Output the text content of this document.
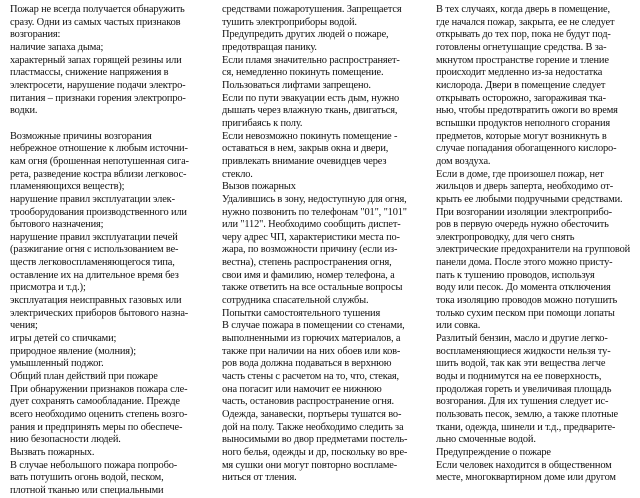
Пожар не всегда получается обнаружить
сразу. Одни из самых частых признаков
возгорания:
наличие запаха дыма;
характерный запах горящей резины или
пластмассы, снижение напряжения в
электросети, нарушение подачи электро-
питания – признаки горения электропро-
водки.

Возможные причины возгорания
небрежное отношение к любым источни-
кам огня (брошенная непотушенная сига-
рета, разведение костра вблизи легковос-
пламеняющихся веществ);
нарушение правил эксплуатации элек-
трооборудования производственного или
бытового назначения;
нарушение правил эксплуатации печей
(разжигание огня с использованием ве-
ществ легковоспламеняющегося типа,
оставление их на длительное время без
присмотра и т.д.);
эксплуатация неисправных газовых или
электрических приборов бытового назна-
чения;
игры детей со спичками;
природное явление (молния);
умышленный поджог.
Общий план действий при пожаре
При обнаружении признаков пожара сле-
дует сохранять самообладание. Прежде
всего необходимо оценить степень возго-
рания и предпринять меры по обеспече-
нию безопасности людей.
Вызвать пожарных.
В случае небольшого пожара попробо-
вать потушить огонь водой, песком,
плотной тканью или специальными
средствами пожаротушения. Запрещается
тушить электроприборы водой.
Предупредить других людей о пожаре,
предотвращая панику.
Если пламя значительно распространяет-
ся, немедленно покинуть помещение.
Пользоваться лифтами запрещено.
Если по пути эвакуации есть дым, нужно
дышать через влажную ткань, двигаться,
пригибаясь к полу.
Если невозможно покинуть помещение -
оставаться в нем, закрыв окна и двери,
привлекать внимание очевидцев через
стекло.
Вызов пожарных
Удалившись в зону, недоступную для огня,
нужно позвонить по телефонам "01", "101"
или "112". Необходимо сообщить диспет-
черу адрес ЧП, характеристики места по-
жара, по возможности причину (если из-
вестна), степень распространения огня,
свои имя и фамилию, номер телефона, а
также ответить на все остальные вопросы
сотрудника спасательной службы.
Попытки самостоятельного тушения
В случае пожара в помещении со стенами,
выполненными из горючих материалов, а
также при наличии на них обоев или ков-
ров вода должна подаваться в верхнюю
часть стены с расчетом на то, что, стекая,
она погасит или намочит ее нижнюю
часть, остановив распространение огня.
Одежда, занавески, портьеры тушатся во-
дой на полу. Также необходимо следить за
выносимыми во двор предметами постель-
ного белья, одежды и др, поскольку во вре-
мя сушки они могут повторно воспламе-
ниться от тления.
В тех случаях, когда дверь в помещение,
где начался пожар, закрыта, ее не следует
открывать до тех пор, пока не будут под-
готовлены огнетушащие средства. В за-
мкнутом пространстве горение и тление
происходит медленно из-за недостатка
кислорода. Двери в помещение следует
открывать осторожно, загораживая тка-
нью, чтобы предотвратить ожоги во время
вспышки продуктов неполного сгорания
предметов, которые могут возникнуть в
случае попадания обогащенного кислоро-
дом воздуха.
Если в доме, где произошел пожар, нет
жильцов и дверь заперта, необходимо от-
крыть ее любыми подручными средствами.
При возгорании изоляции электроприбо-
ров в первую очередь нужно обесточить
электропроводку, для чего снять
электрические предохранители на групповой
панели дома. После этого можно присту-
пать к тушению проводов, используя
воду или песок. До момента отключения
тока изоляцию проводов можно потушить
только сухим песком при помощи лопаты
или совка.
Разлитый бензин, масло и другие легко-
воспламеняющиеся жидкости нельзя ту-
шить водой, так как эти вещества легче
воды и поднимутся на ее поверхность,
продолжая гореть и увеличивая площадь
возгорания. Для их тушения следует ис-
пользовать песок, землю, а также плотные
ткани, одежда, шинели и т.д., предварите-
льно смоченные водой.
Предупреждение о пожаре
Если человек находится в общественном
месте, многоквартирном доме или другом
